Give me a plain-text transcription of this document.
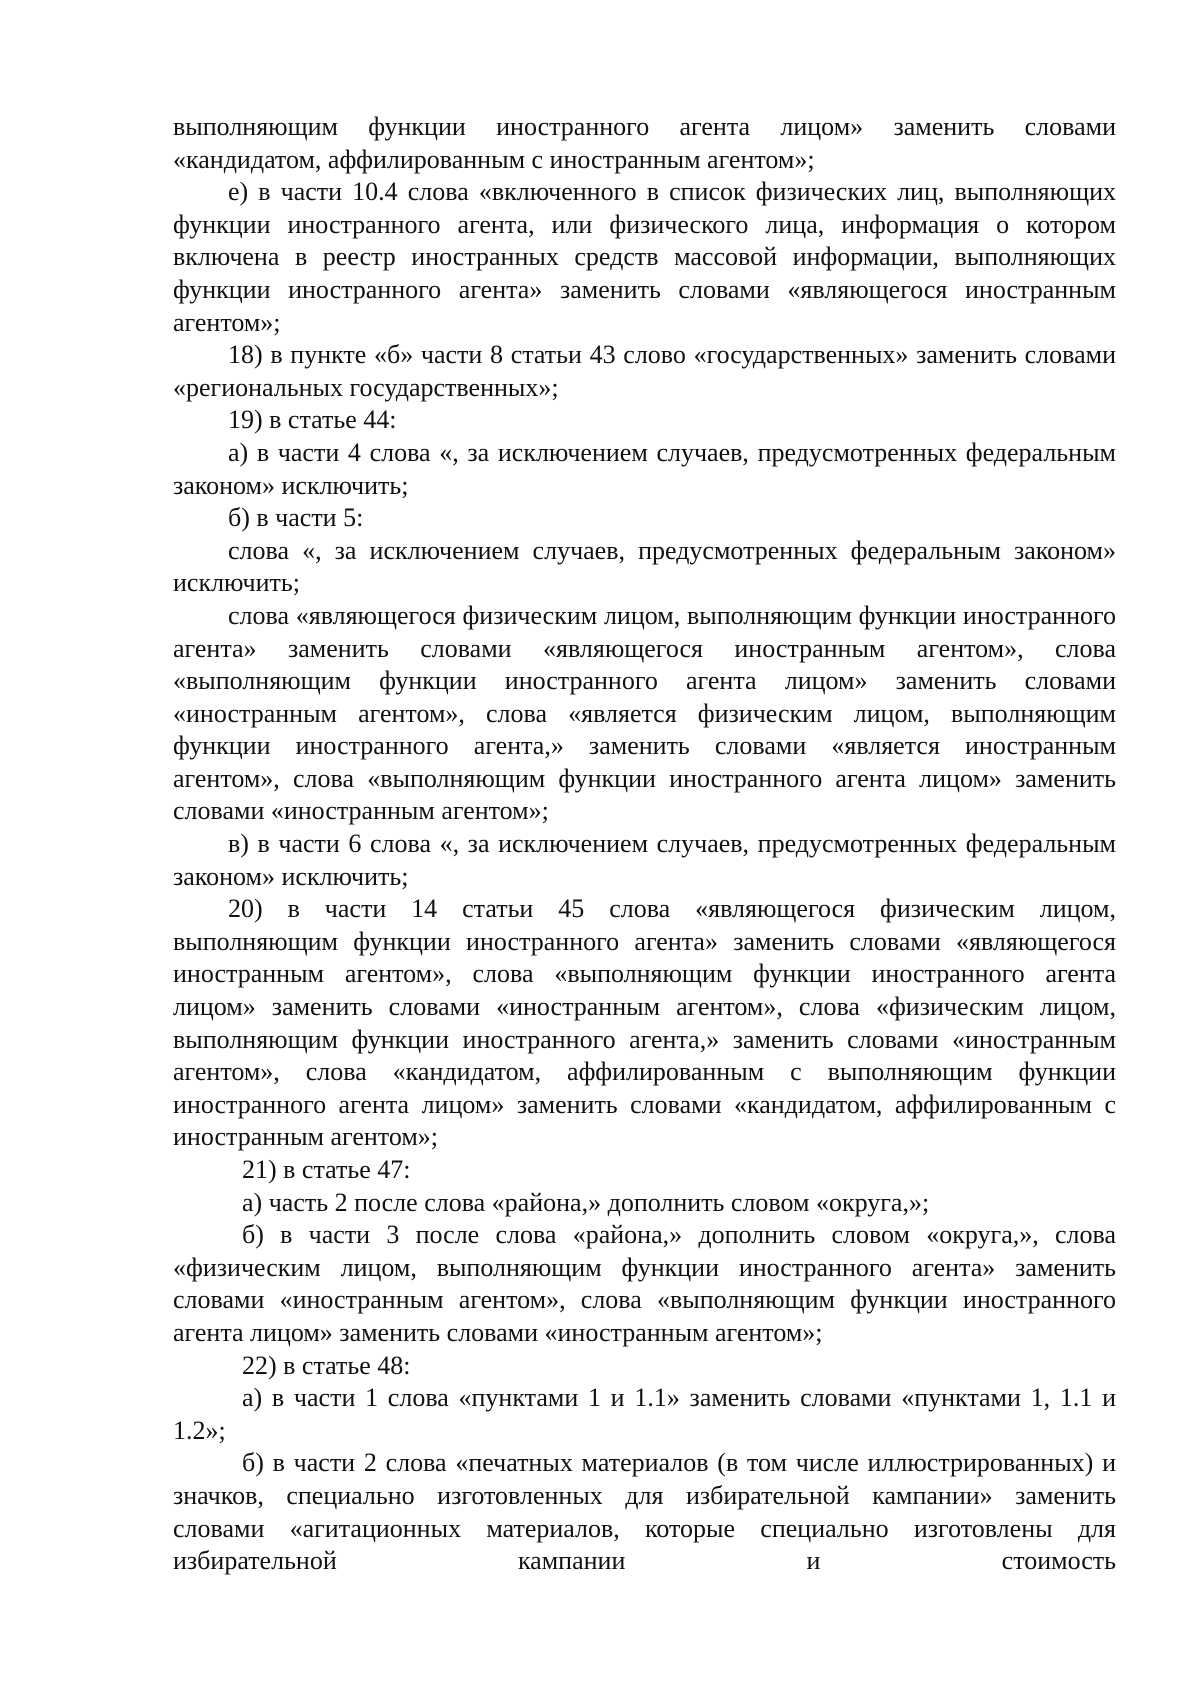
выполняющим функции иностранного агента лицом» заменить словами «кандидатом, аффилированным с иностранным агентом»;

е) в части 10.4 слова «включенного в список физических лиц, выполняющих функции иностранного агента, или физического лица, информация о котором включена в реестр иностранных средств массовой информации, выполняющих функции иностранного агента» заменить словами «являющегося иностранным агентом»;

18) в пункте «б» части 8 статьи 43 слово «государственных» заменить словами «региональных государственных»;

19) в статье 44:

а) в части 4 слова «, за исключением случаев, предусмотренных федеральным законом» исключить;

б) в части 5:

слова «, за исключением случаев, предусмотренных федеральным законом» исключить;

слова «являющегося физическим лицом, выполняющим функции иностранного агента» заменить словами «являющегося иностранным агентом», слова «выполняющим функции иностранного агента лицом» заменить словами «иностранным агентом», слова «является физическим лицом, выполняющим функции иностранного агента,» заменить словами «является иностранным агентом», слова «выполняющим функции иностранного агента лицом» заменить словами «иностранным агентом»;

в) в части 6 слова «, за исключением случаев, предусмотренных федеральным законом» исключить;

20) в части 14 статьи 45 слова «являющегося физическим лицом, выполняющим функции иностранного агента» заменить словами «являющегося иностранным агентом», слова «выполняющим функции иностранного агента лицом» заменить словами «иностранным агентом», слова «физическим лицом, выполняющим функции иностранного агента,» заменить словами «иностранным агентом», слова «кандидатом, аффилированным с выполняющим функции иностранного агента лицом» заменить словами «кандидатом, аффилированным с иностранным агентом»;

21) в статье 47:

а) часть 2 после слова «района,» дополнить словом «округа,»;

б) в части 3 после слова «района,» дополнить словом «округа,», слова «физическим лицом, выполняющим функции иностранного агента» заменить словами «иностранным агентом», слова «выполняющим функции иностранного агента лицом» заменить словами «иностранным агентом»;

22) в статье 48:

а) в части 1 слова «пунктами 1 и 1.1» заменить словами «пунктами 1, 1.1 и 1.2»;

б) в части 2 слова «печатных материалов (в том числе иллюстрированных) и значков, специально изготовленных для избирательной кампании» заменить словами «агитационных материалов, которые специально изготовлены для избирательной кампании и стоимость
